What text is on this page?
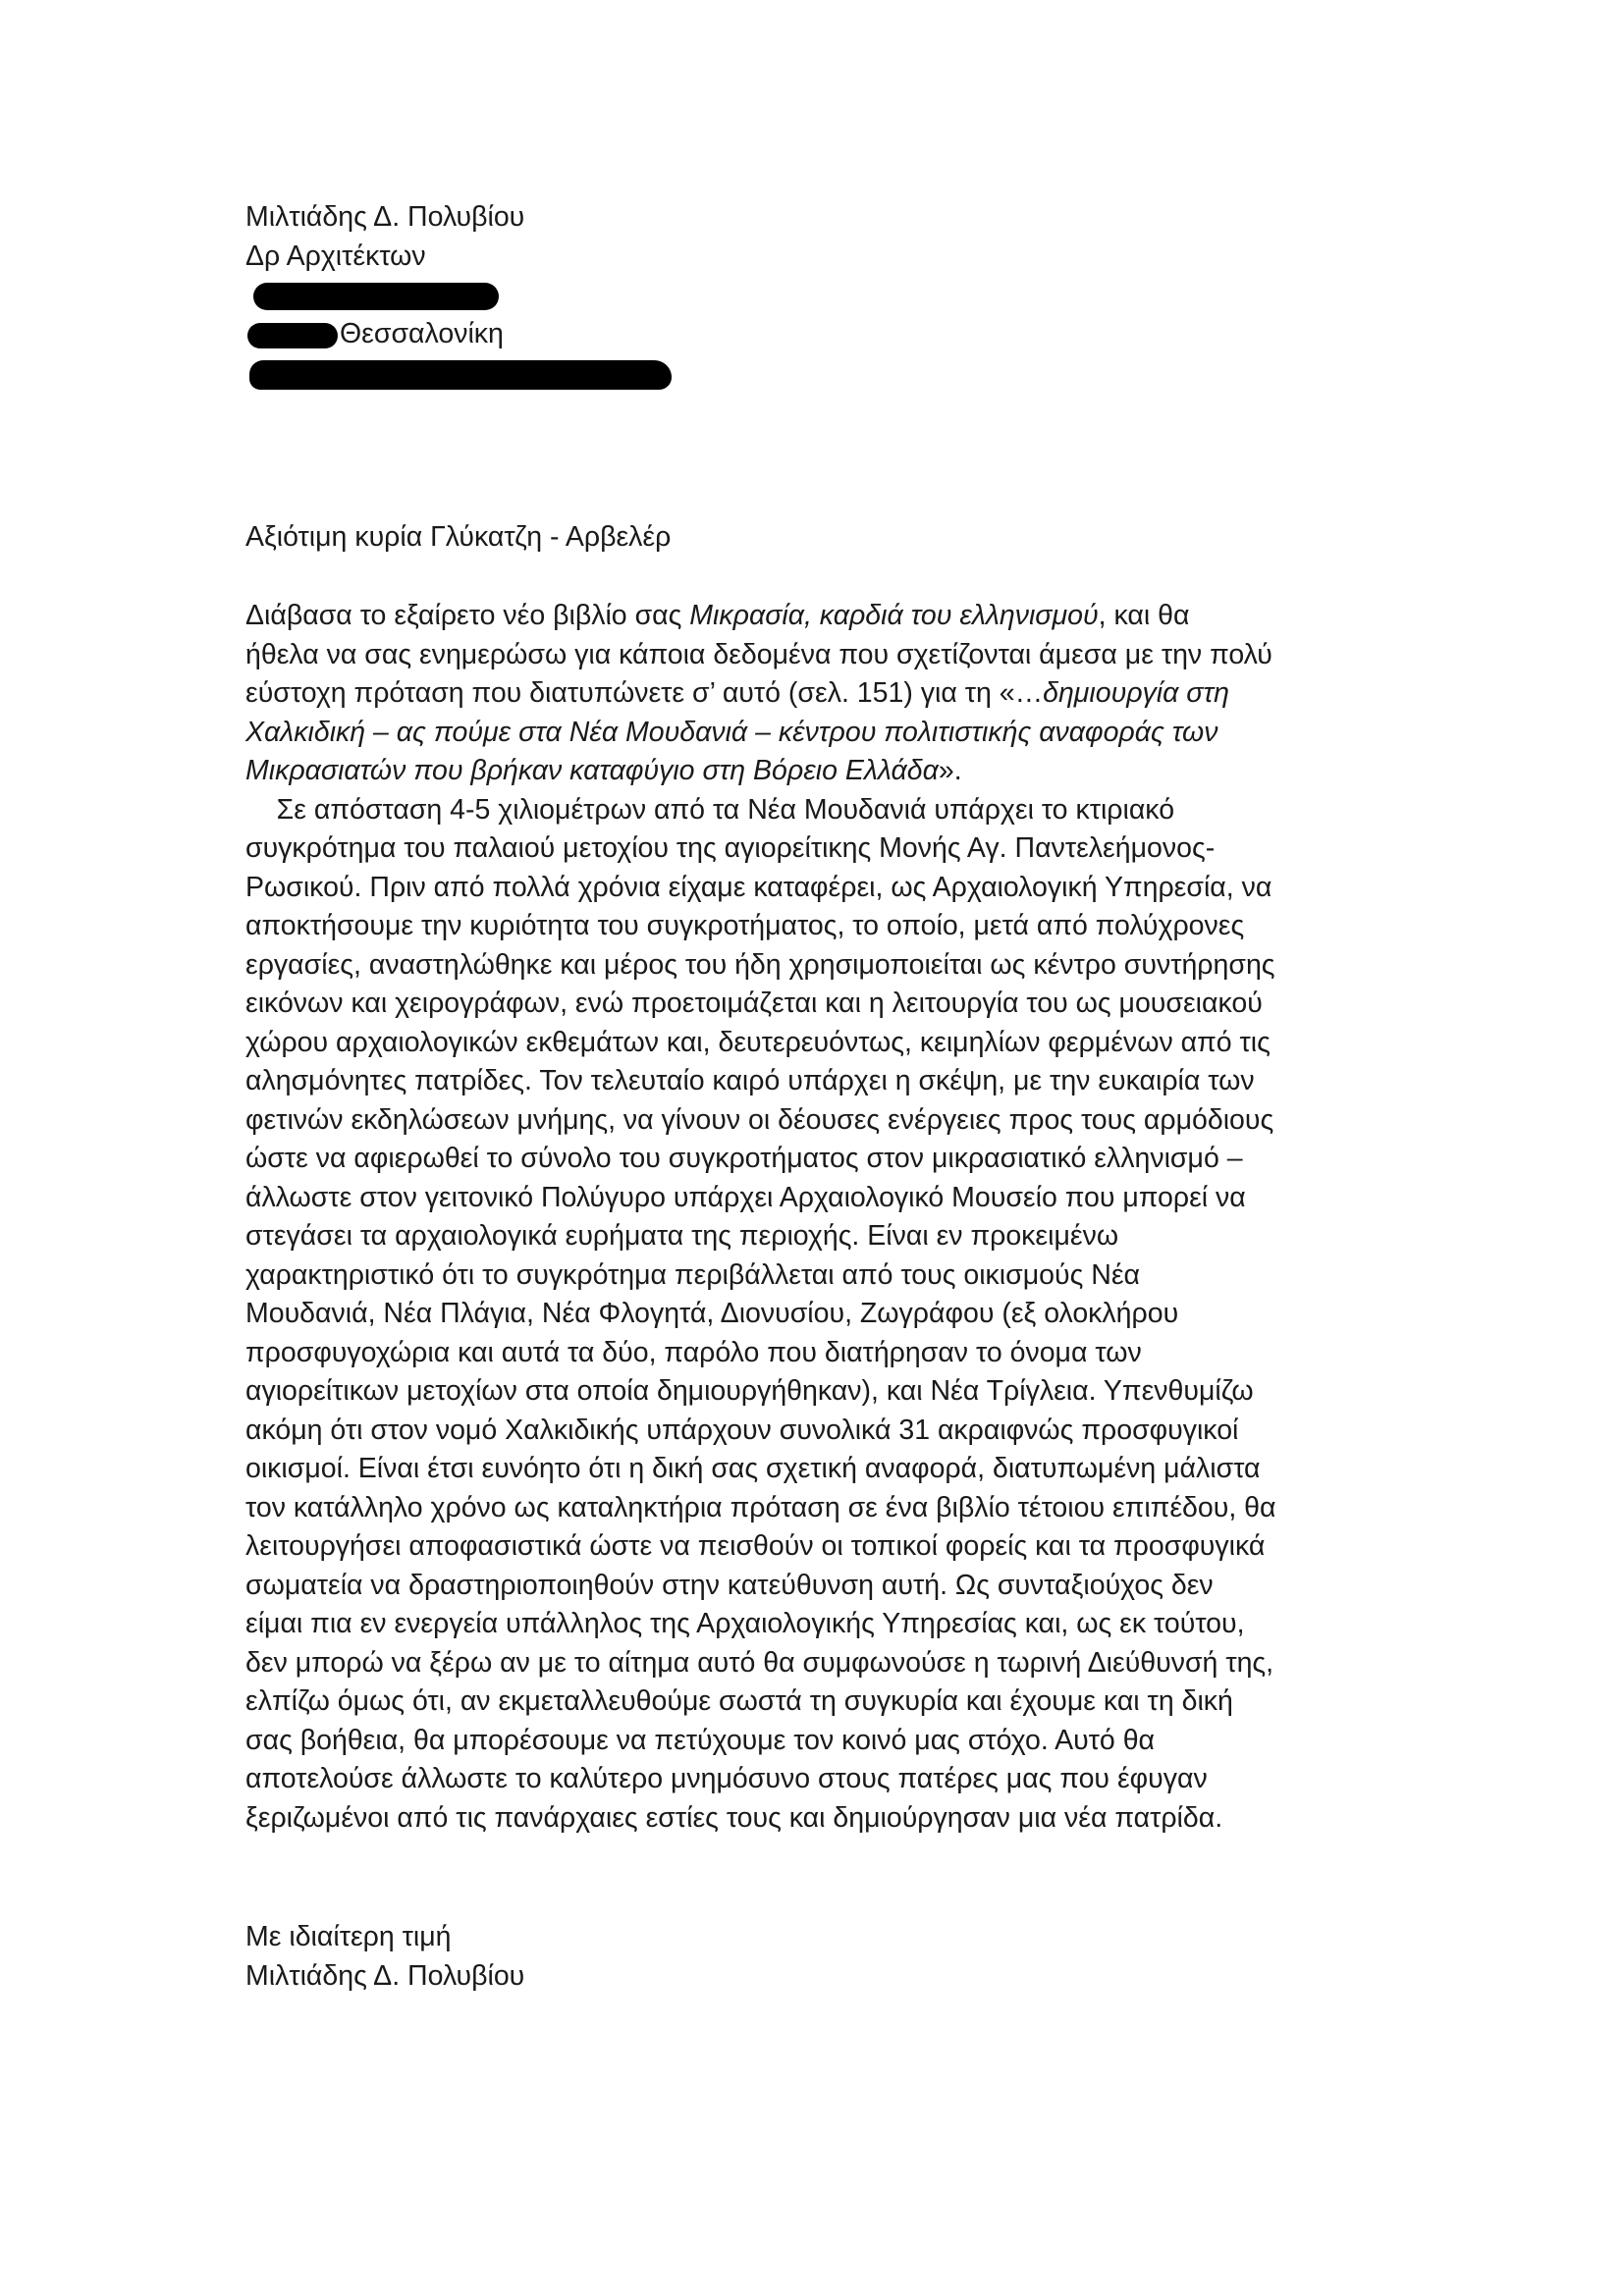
Μιλτιάδης Δ. Πολυβίου
Δρ Αρχιτέκτων

Θεσσαλονίκη

Αξιότιμη κυρία Γλύκατζη - Αρβελέρ
Διάβασα το εξαίρετο νέο βιβλίο σας Μικρασία, καρδιά του ελληνισμού, και θα
ήθελα να σας ενημερώσω για κάποια δεδομένα που σχετίζονται άμεσα με την πολύ
εύστοχη πρόταση που διατυπώνετε σ’ αυτό (σελ. 151) για τη «…δημιουργία στη
Χαλκιδική – ας πούμε στα Νέα Μουδανιά – κέντρου πολιτιστικής αναφοράς των
Μικρασιατών που βρήκαν καταφύγιο στη Βόρειο Ελλάδα».
Σε απόσταση 4-5 χιλιομέτρων από τα Νέα Μουδανιά υπάρχει το κτιριακό
συγκρότημα του παλαιού μετοχίου της αγιορείτικης Μονής Αγ. Παντελεήμονος-
Ρωσικού. Πριν από πολλά χρόνια είχαμε καταφέρει, ως Αρχαιολογική Υπηρεσία, να
αποκτήσουμε την κυριότητα του συγκροτήματος, το οποίο, μετά από πολύχρονες
εργασίες, αναστηλώθηκε και μέρος του ήδη χρησιμοποιείται ως κέντρο συντήρησης
εικόνων και χειρογράφων, ενώ προετοιμάζεται και η λειτουργία του ως μουσειακού
χώρου αρχαιολογικών εκθεμάτων και, δευτερευόντως, κειμηλίων φερμένων από τις
αλησμόνητες πατρίδες. Τον τελευταίο καιρό υπάρχει η σκέψη, με την ευκαιρία των
φετινών εκδηλώσεων μνήμης, να γίνουν οι δέουσες ενέργειες προς τους αρμόδιους
ώστε να αφιερωθεί το σύνολο του συγκροτήματος στον μικρασιατικό ελληνισμό –
άλλωστε στον γειτονικό Πολύγυρο υπάρχει Αρχαιολογικό Μουσείο που μπορεί να
στεγάσει τα αρχαιολογικά ευρήματα της περιοχής. Είναι εν προκειμένω
χαρακτηριστικό ότι το συγκρότημα περιβάλλεται από τους οικισμούς Νέα
Μουδανιά, Νέα Πλάγια, Νέα Φλογητά, Διονυσίου, Ζωγράφου (εξ ολοκλήρου
προσφυγοχώρια και αυτά τα δύο, παρόλο που διατήρησαν το όνομα των
αγιορείτικων μετοχίων στα οποία δημιουργήθηκαν), και Νέα Τρίγλεια. Υπενθυμίζω
ακόμη ότι στον νομό Χαλκιδικής υπάρχουν συνολικά 31 ακραιφνώς προσφυγικοί
οικισμοί. Είναι έτσι ευνόητο ότι η δική σας σχετική αναφορά, διατυπωμένη μάλιστα
τον κατάλληλο χρόνο ως καταληκτήρια πρόταση σε ένα βιβλίο τέτοιου επιπέδου, θα
λειτουργήσει αποφασιστικά ώστε να πεισθούν οι τοπικοί φορείς και τα προσφυγικά
σωματεία να δραστηριοποιηθούν στην κατεύθυνση αυτή. Ως συνταξιούχος δεν
είμαι πια εν ενεργεία υπάλληλος της Αρχαιολογικής Υπηρεσίας και, ως εκ τούτου,
δεν μπορώ να ξέρω αν με το αίτημα αυτό θα συμφωνούσε η τωρινή Διεύθυνσή της,
ελπίζω όμως ότι, αν εκμεταλλευθούμε σωστά τη συγκυρία και έχουμε και τη δική
σας βοήθεια, θα μπορέσουμε να πετύχουμε τον κοινό μας στόχο. Αυτό θα
αποτελούσε άλλωστε το καλύτερο μνημόσυνο στους πατέρες μας που έφυγαν
ξεριζωμένοι από τις πανάρχαιες εστίες τους και δημιούργησαν μια νέα πατρίδα.
Με ιδιαίτερη τιμή
Μιλτιάδης Δ. Πολυβίου
